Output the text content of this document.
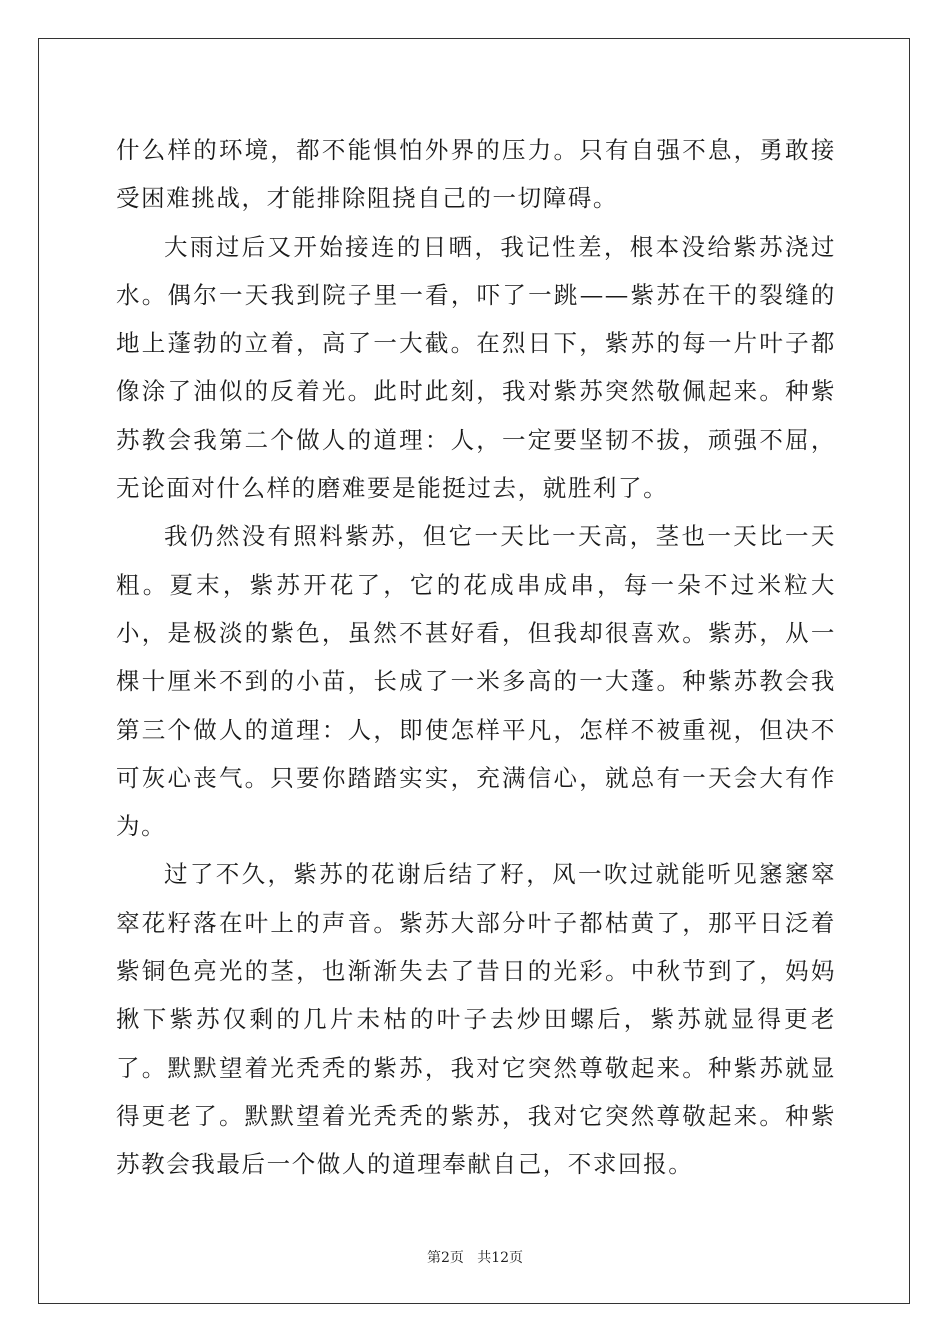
什么样的环境，都不能惧怕外界的压力。只有自强不息，勇敢接受困难挑战，才能排除阻挠自己的一切障碍。

大雨过后又开始接连的日晒，我记性差，根本没给紫苏浇过水。偶尔一天我到院子里一看，吓了一跳——紫苏在干的裂缝的地上蓬勃的立着，高了一大截。在烈日下，紫苏的每一片叶子都像涂了油似的反着光。此时此刻，我对紫苏突然敬佩起来。种紫苏教会我第二个做人的道理：人，一定要坚韧不拔，顽强不屈，无论面对什么样的磨难要是能挺过去，就胜利了。

我仍然没有照料紫苏，但它一天比一天高，茎也一天比一天粗。夏末，紫苏开花了，它的花成串成串，每一朵不过米粒大小，是极淡的紫色，虽然不甚好看，但我却很喜欢。紫苏，从一棵十厘米不到的小苗，长成了一米多高的一大蓬。种紫苏教会我第三个做人的道理：人，即使怎样平凡，怎样不被重视，但决不可灰心丧气。只要你踏踏实实，充满信心，就总有一天会大有作为。

过了不久，紫苏的花谢后结了籽，风一吹过就能听见窸窸窣窣花籽落在叶上的声音。紫苏大部分叶子都枯黄了，那平日泛着紫铜色亮光的茎，也渐渐失去了昔日的光彩。中秋节到了，妈妈揪下紫苏仅剩的几片未枯的叶子去炒田螺后，紫苏就显得更老了。默默望着光秃秃的紫苏，我对它突然尊敬起来。种紫苏就显得更老了。默默望着光秃秃的紫苏，我对它突然尊敬起来。种紫苏教会我最后一个做人的道理奉献自己，不求回报。

第2页   共12页
